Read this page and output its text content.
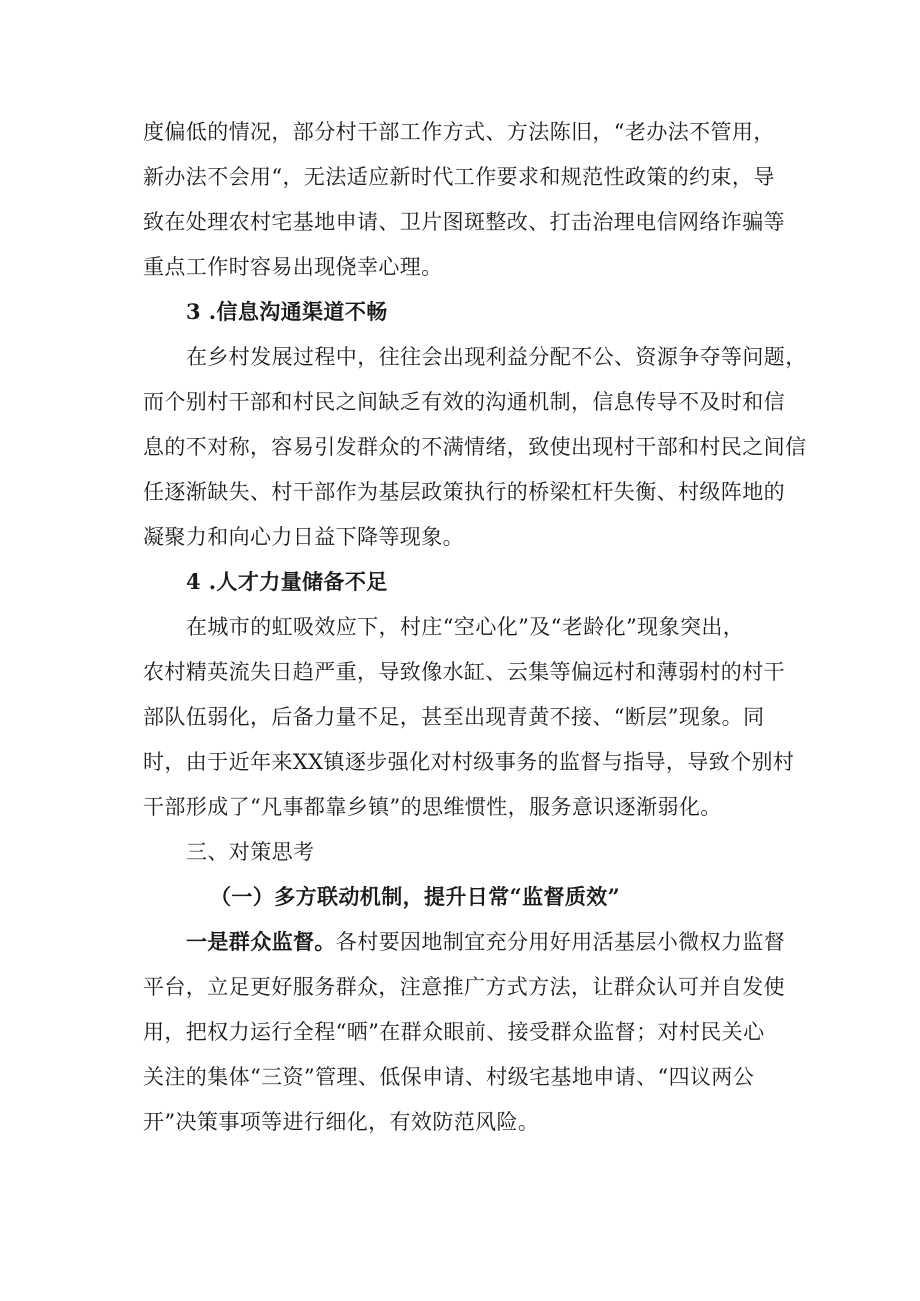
度偏低的情况，部分村干部工作方式、方法陈旧，“老办法不管用，
新办法不会用“，无法适应新时代工作要求和规范性政策的约束，导
致在处理农村宅基地申请、卫片图斑整改、打击治理电信网络诈骗等
重点工作时容易出现侥幸心理。
3 .信息沟通渠道不畅
在乡村发展过程中，往往会出现利益分配不公、资源争夺等问题，
而个别村干部和村民之间缺乏有效的沟通机制，信息传导不及时和信
息的不对称，容易引发群众的不满情绪，致使出现村干部和村民之间信
任逐渐缺失、村干部作为基层政策执行的桥梁杠杆失衡、村级阵地的
凝聚力和向心力日益下降等现象。
4 .人才力量储备不足
在城市的虹吸效应下，村庄“空心化”及“老龄化”现象突出，
农村精英流失日趋严重，导致像水缸、云集等偏远村和薄弱村的村干
部队伍弱化，后备力量不足，甚至出现青黄不接、“断层”现象。同
时，由于近年来XX镇逐步强化对村级事务的监督与指导，导致个别村
干部形成了“凡事都靠乡镇”的思维惯性，服务意识逐渐弱化。
三、对策思考
（一）多方联动机制，提升日常“监督质效”
一是群众监督。各村要因地制宜充分用好用活基层小微权力监督
平台，立足更好服务群众，注意推广方式方法，让群众认可并自发使
用，把权力运行全程“晒”在群众眼前、接受群众监督；对村民关心
关注的集体“三资”管理、低保申请、村级宅基地申请、“四议两公
开”决策事项等进行细化，有效防范风险。
